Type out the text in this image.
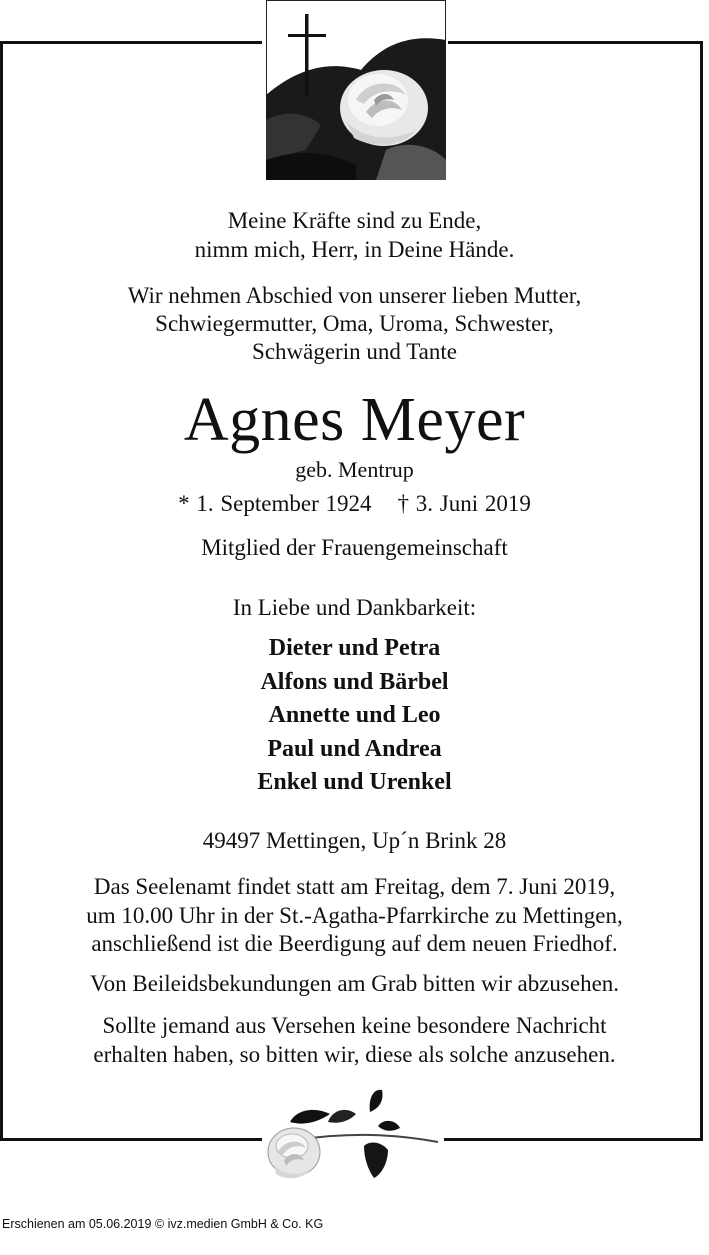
Meine Kräfte sind zu Ende,
nimm mich, Herr, in Deine Hände.

Wir nehmen Abschied von unserer lieben Mutter,
Schwiegermutter, Oma, Uroma, Schwester,
Schwägerin und Tante

Agnes Meyer

geb. Mentrup

* 1. September 1924 † 3. Juni 2019

Mitglied der Frauengemeinschaft

In Liebe und Dankbarkeit:

Dieter und Petra
Alfons und Bärbel
Annette und Leo
Paul und Andrea
Enkel und Urenkel

49497 Mettingen, Up´n Brink 28

Das Seelenamt findet statt am Freitag, dem 7. Juni 2019,
um 10.00 Uhr in der St.-Agatha-Pfarrkirche zu Mettingen,
anschließend ist die Beerdigung auf dem neuen Friedhof.

Von Beileidsbekundungen am Grab bitten wir abzusehen.

Sollte jemand aus Versehen keine besondere Nachricht
erhalten haben, so bitten wir, diese als solche anzusehen.

Erschienen am 05.06.2019 © ivz.medien GmbH & Co. KG
